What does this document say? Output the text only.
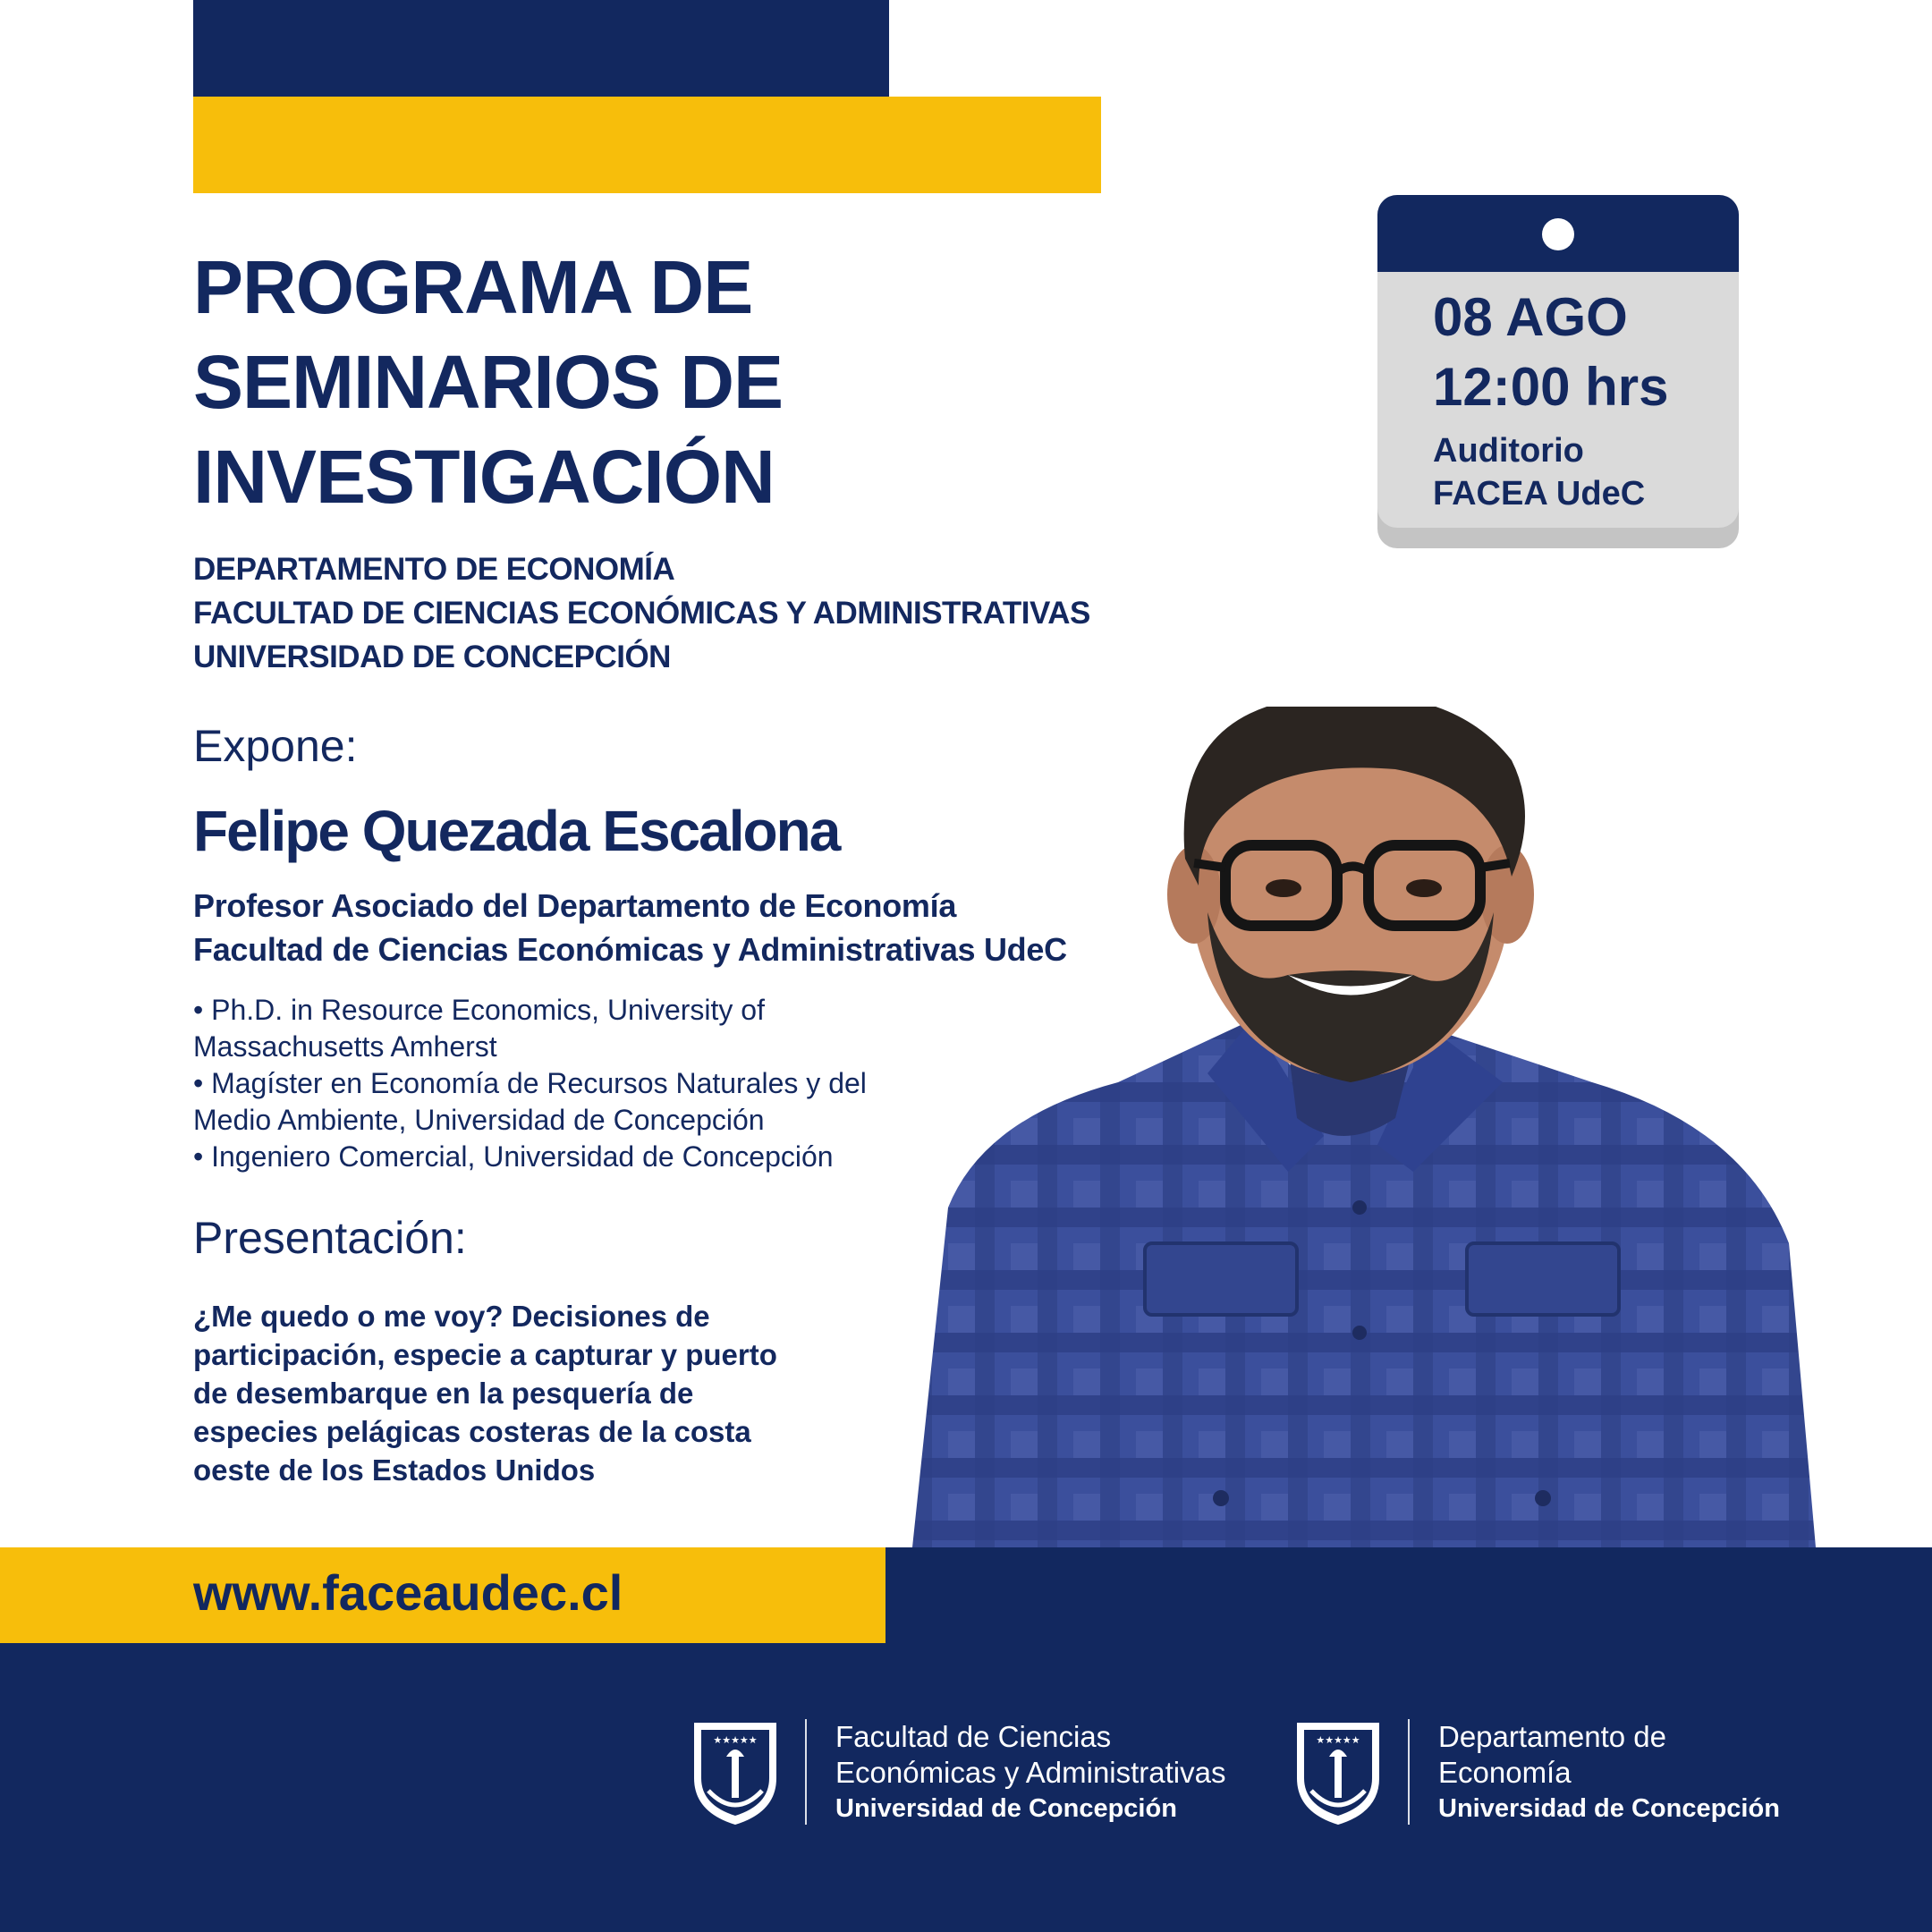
PROGRAMA DE
SEMINARIOS DE
INVESTIGACIÓN
DEPARTAMENTO DE ECONOMÍA
FACULTAD DE CIENCIAS ECONÓMICAS Y ADMINISTRATIVAS
UNIVERSIDAD DE CONCEPCIÓN
08 AGO
12:00 hrs
Auditorio
FACEA UdeC
Expone:
Felipe Quezada Escalona
Profesor Asociado del Departamento de Economía
Facultad de Ciencias Económicas y Administrativas UdeC
• Ph.D. in Resource Economics, University of
Massachusetts Amherst
• Magíster en Economía de Recursos Naturales y del
Medio Ambiente, Universidad de Concepción
• Ingeniero Comercial, Universidad de Concepción
Presentación:
¿Me quedo o me voy? Decisiones de
participación, especie a capturar y puerto
de desembarque en la pesquería de
especies pelágicas costeras de la costa
oeste de los Estados Unidos
www.faceaudec.cl
★★★★★	Facultad de Ciencias
Económicas y Administrativas
Universidad de Concepción
★★★★★	Departamento de
Economía
Universidad de Concepción
